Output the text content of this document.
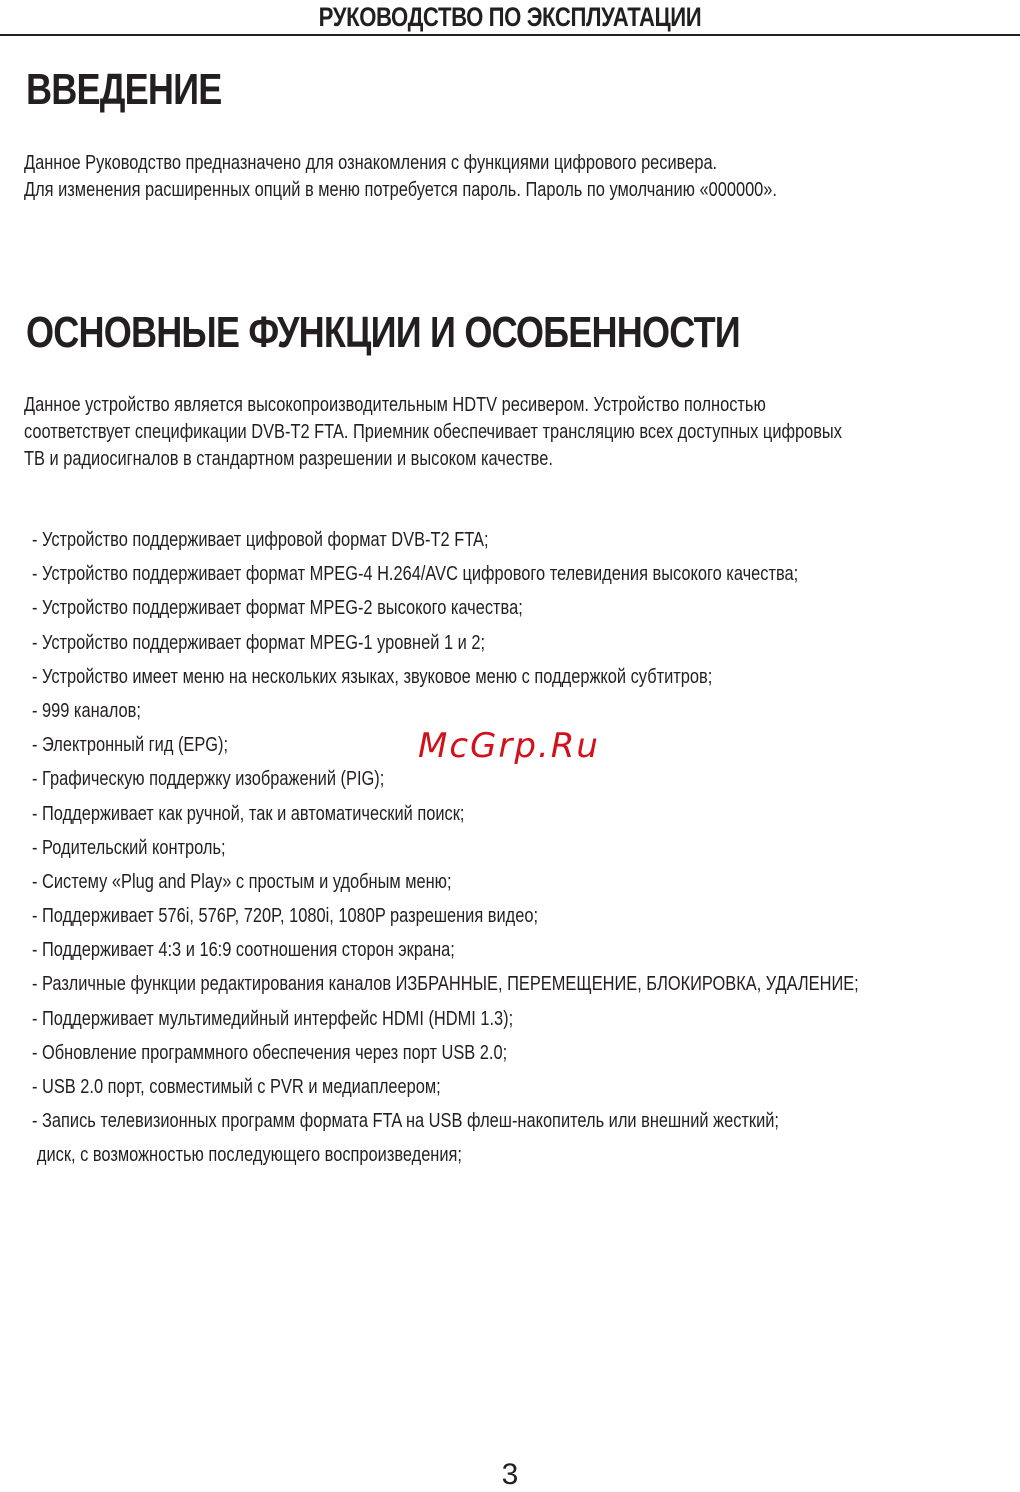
РУКОВОДСТВО ПО ЭКСПЛУАТАЦИИ
ВВЕДЕНИЕ
Данное Руководство предназначено для ознакомления с функциями цифрового ресивера.
Для изменения расширенных опций в меню потребуется пароль. Пароль по умолчанию «000000».
ОСНОВНЫЕ ФУНКЦИИ И ОСОБЕННОСТИ
Данное устройство является высокопроизводительным HDTV ресивером. Устройство полностью
соответствует спецификации DVB-T2 FTA. Приемник обеспечивает трансляцию всех доступных цифровых
ТВ и радиосигналов в стандартном разрешении и высоком качестве.
- Устройство поддерживает цифровой формат DVB-T2 FTA;
- Устройство поддерживает формат MPEG-4 H.264/AVC цифрового телевидения высокого качества;
- Устройство поддерживает формат MPEG-2 высокого качества;
- Устройство поддерживает формат MPEG-1 уровней 1 и 2;
- Устройство имеет меню на нескольких языках, звуковое меню с поддержкой субтитров;
- 999 каналов;
- Электронный гид (EPG);
- Графическую поддержку изображений (PIG);
- Поддерживает как ручной, так и автоматический поиск;
- Родительский контроль;
- Систему «Plug and Play» с простым и удобным меню;
- Поддерживает 576i, 576P, 720P, 1080i, 1080P разрешения видео;
- Поддерживает 4:3 и 16:9 соотношения сторон экрана;
- Различные функции редактирования каналов ИЗБРАННЫЕ, ПЕРЕМЕЩЕНИЕ, БЛОКИРОВКА, УДАЛЕНИЕ;
- Поддерживает мультимедийный интерфейс HDMI (HDMI 1.3);
- Обновление программного обеспечения через порт USB 2.0;
- USB 2.0 порт, совместимый с PVR и медиаплеером;
- Запись телевизионных программ формата FTA на USB флеш-накопитель или внешний жесткий;
диск, с возможностью последующего воспроизведения;
McGrp.Ru
3
